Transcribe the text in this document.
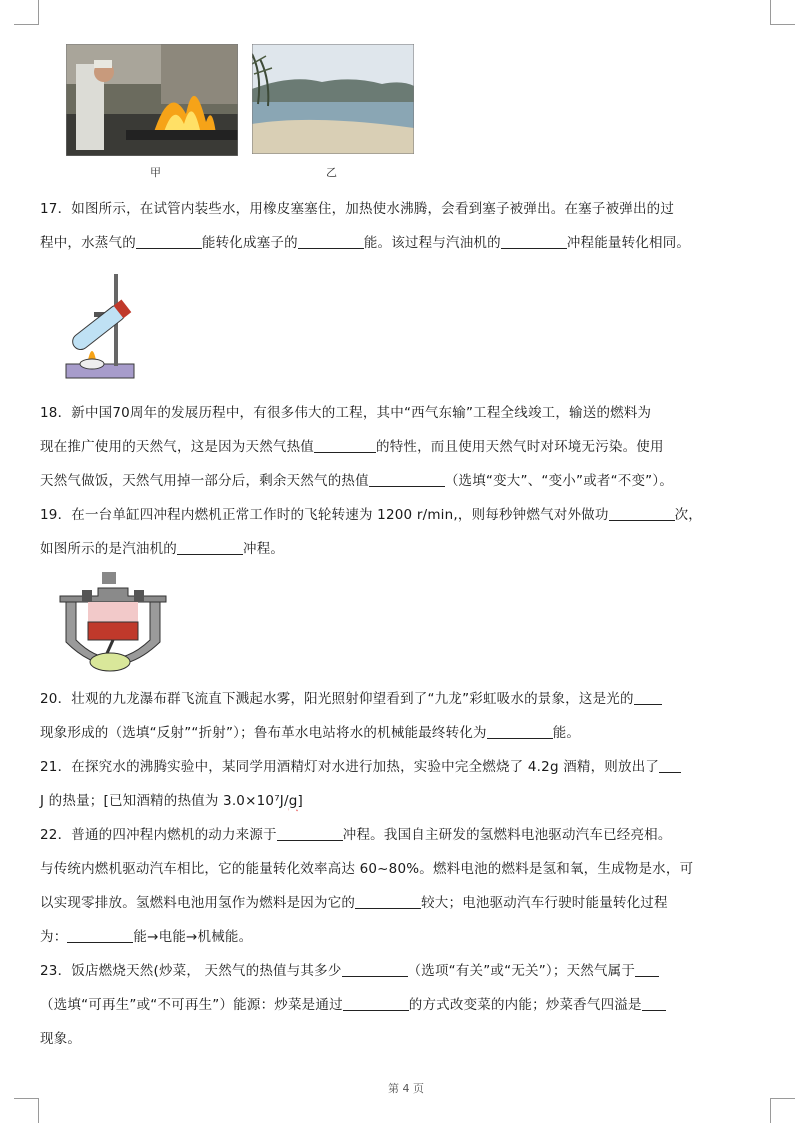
甲	乙

17．如图所示，在试管内装些水，用橡皮塞塞住，加热使水沸腾，会看到塞子被弹出。在塞子被弹出的过

程中，水蒸气的	能转化成塞子的	能。该过程与汽油机的	冲程能量转化相同。

18．新中国70周年的发展历程中，有很多伟大的工程，其中“西气东输”工程全线竣工，输送的燃料为

现在推广使用的天然气，这是因为天然气热值	的特性，而且使用天然气时对环境无污染。使用

天然气做饭，天然气用掉一部分后，剩余天然气的热值	（选填“变大”、“变小”或者“不变”）。

19．在一台单缸四冲程内燃机正常工作时的飞轮转速为 1200 r/min,，则每秒钟燃气对外做功	次，

如图所示的是汽油机的	冲程。

20．壮观的九龙瀑布群飞流直下溅起水雾，阳光照射仰望看到了“九龙”彩虹吸水的景象，这是光的

现象形成的（选填“反射”“折射”）；鲁布革水电站将水的机械能最终转化为	能。

21．在探究水的沸腾实验中，某同学用酒精灯对水进行加热，实验中完全燃烧了 4.2g 酒精，则放出了

J 的热量；[已知酒精的热值为 3.0×10⁷J/g]

22．普通的四冲程内燃机的动力来源于	冲程。我国自主研发的氢燃料电池驱动汽车已经亮相。

与传统内燃机驱动汽车相比，它的能量转化效率高达 60~80%。燃料电池的燃料是氢和氧，生成物是水，可

以实现零排放。氢燃料电池用氢作为燃料是因为它的	较大；电池驱动汽车行驶时能量转化过程

为：	能→电能→机械能。

23．饭店燃烧天然(炒菜， 天然气的热值与其多少	（选项“有关”或“无关”）；天然气属于

（选填“可再生”或“不可再生”）能源：炒菜是通过	的方式改变菜的内能；炒菜香气四溢是

现象。

第 4 页
